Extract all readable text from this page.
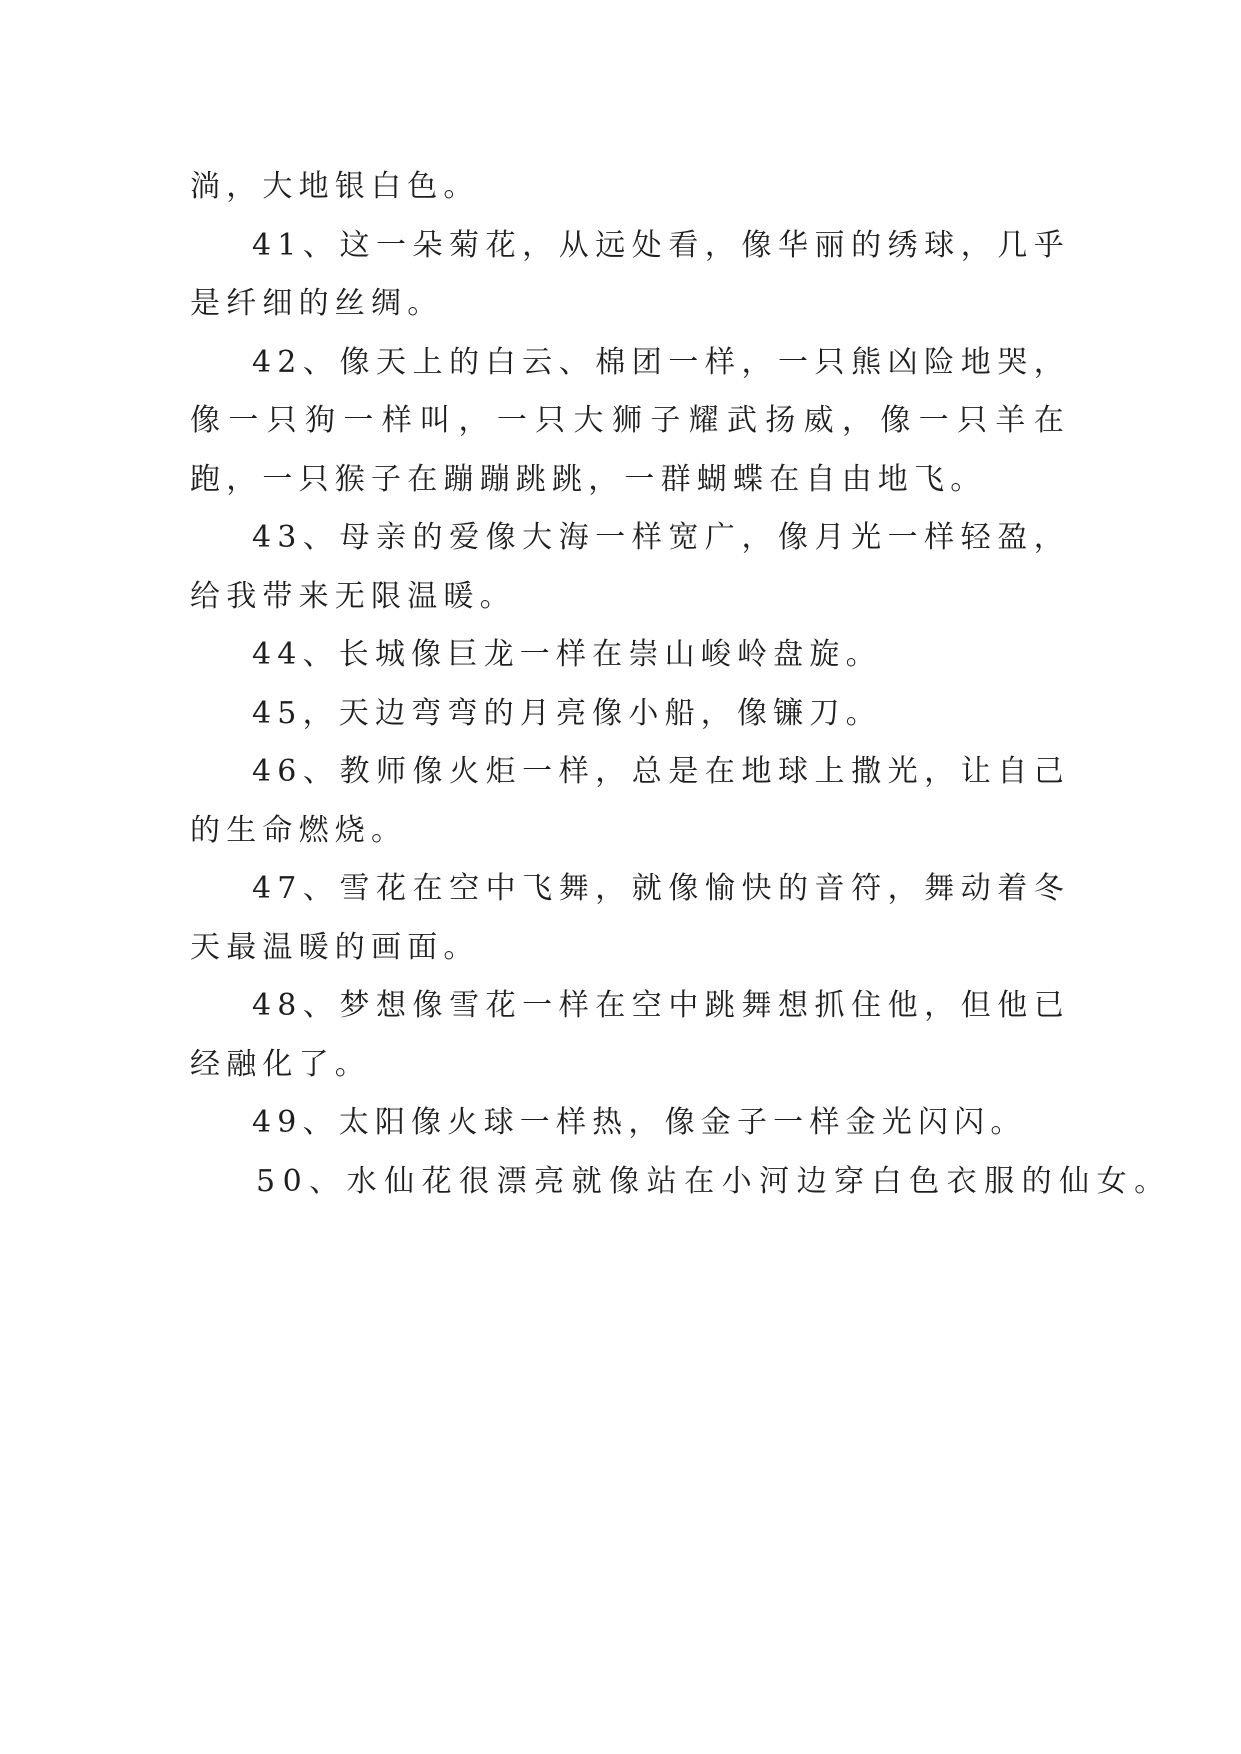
淌，大地银白色。

41、这一朵菊花，从远处看，像华丽的绣球，几乎是纤细的丝绸。

42、像天上的白云、棉团一样，一只熊凶险地哭，像一只狗一样叫，一只大狮子耀武扬威，像一只羊在跑，一只猴子在蹦蹦跳跳，一群蝴蝶在自由地飞。

43、母亲的爱像大海一样宽广，像月光一样轻盈，给我带来无限温暖。

44、长城像巨龙一样在崇山峻岭盘旋。

45，天边弯弯的月亮像小船，像镰刀。

46、教师像火炬一样，总是在地球上撒光，让自己的生命燃烧。

47、雪花在空中飞舞，就像愉快的音符，舞动着冬天最温暖的画面。

48、梦想像雪花一样在空中跳舞想抓住他，但他已经融化了。

49、太阳像火球一样热，像金子一样金光闪闪。

50、水仙花很漂亮就像站在小河边穿白色衣服的仙女。
